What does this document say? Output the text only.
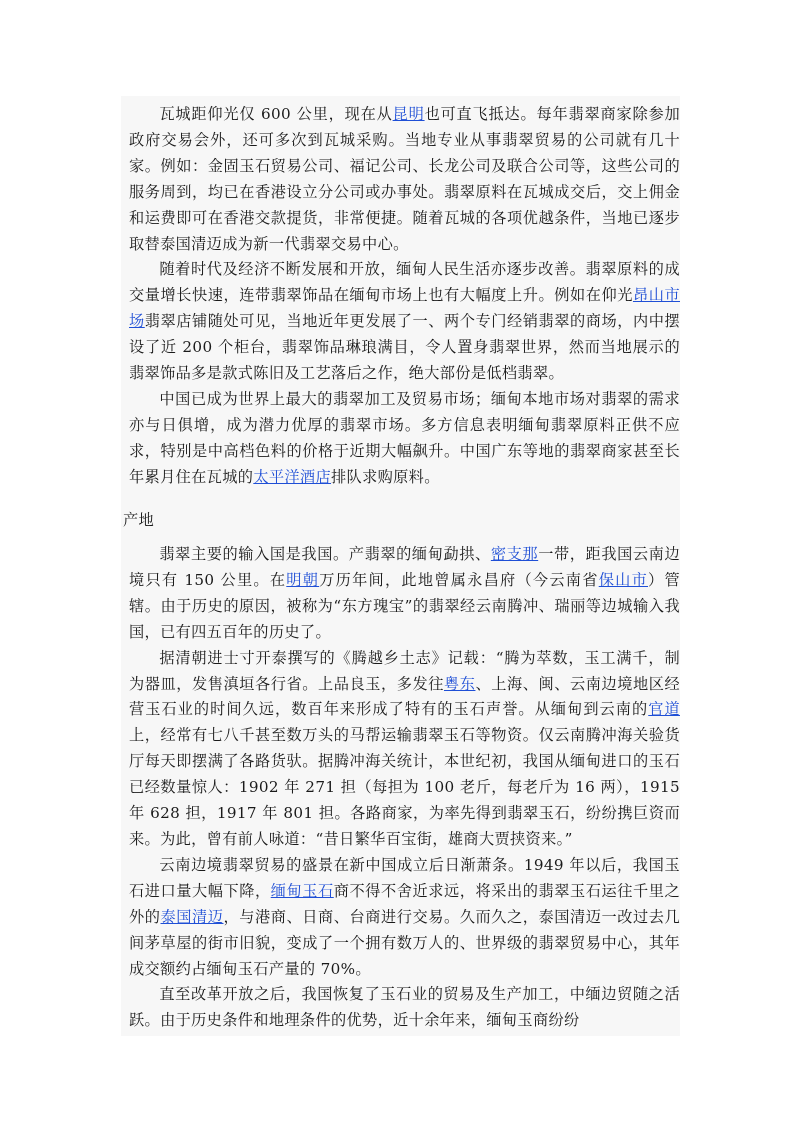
瓦城距仰光仅 600 公里，现在从昆明也可直飞抵达。每年翡翠商家除参加政府交易会外，还可多次到瓦城采购。当地专业从事翡翠贸易的公司就有几十家。例如：金固玉石贸易公司、福记公司、长龙公司及联合公司等，这些公司的服务周到，均已在香港设立分公司或办事处。翡翠原料在瓦城成交后，交上佣金和运费即可在香港交款提货，非常便捷。随着瓦城的各项优越条件，当地已逐步取替泰国清迈成为新一代翡翠交易中心。

随着时代及经济不断发展和开放，缅甸人民生活亦逐步改善。翡翠原料的成交量增长快速，连带翡翠饰品在缅甸市场上也有大幅度上升。例如在仰光昂山市场翡翠店铺随处可见，当地近年更发展了一、两个专门经销翡翠的商场，内中摆设了近 200 个柜台，翡翠饰品琳琅满目，令人置身翡翠世界，然而当地展示的翡翠饰品多是款式陈旧及工艺落后之作，绝大部份是低档翡翠。

中国已成为世界上最大的翡翠加工及贸易市场；缅甸本地市场对翡翠的需求亦与日俱增，成为潜力优厚的翡翠市场。多方信息表明缅甸翡翠原料正供不应求，特别是中高档色料的价格于近期大幅飙升。中国广东等地的翡翠商家甚至长年累月住在瓦城的太平洋酒店排队求购原料。

产地

翡翠主要的输入国是我国。产翡翠的缅甸勐拱、密支那一带，距我国云南边境只有 150 公里。在明朝万历年间，此地曾属永昌府（今云南省保山市）管辖。由于历史的原因，被称为“东方瑰宝”的翡翠经云南腾冲、瑞丽等边城输入我国，已有四五百年的历史了。

据清朝进士寸开泰撰写的《腾越乡土志》记载：“腾为萃数，玉工满千，制为器皿，发售滇垣各行省。上品良玉，多发往粤东、上海、闽、云南边境地区经营玉石业的时间久远，数百年来形成了特有的玉石声誉。从缅甸到云南的官道上，经常有七八千甚至数万头的马帮运输翡翠玉石等物资。仅云南腾冲海关验货厅每天即摆满了各路货驮。据腾冲海关统计，本世纪初，我国从缅甸进口的玉石已经数量惊人：1902 年 271 担（每担为 100 老斤，每老斤为 16 两），1915 年 628 担，1917 年 801 担。各路商家，为率先得到翡翠玉石，纷纷携巨资而来。为此，曾有前人咏道：“昔日繁华百宝街，雄商大贾挟资来。”

云南边境翡翠贸易的盛景在新中国成立后日渐萧条。1949 年以后，我国玉石进口量大幅下降，缅甸玉石商不得不舍近求远，将采出的翡翠玉石运往千里之外的泰国清迈，与港商、日商、台商进行交易。久而久之，泰国清迈一改过去几间茅草屋的街市旧貌，变成了一个拥有数万人的、世界级的翡翠贸易中心，其年成交额约占缅甸玉石产量的 70%。

直至改革开放之后，我国恢复了玉石业的贸易及生产加工，中缅边贸随之活跃。由于历史条件和地理条件的优势，近十余年来，缅甸玉商纷纷
